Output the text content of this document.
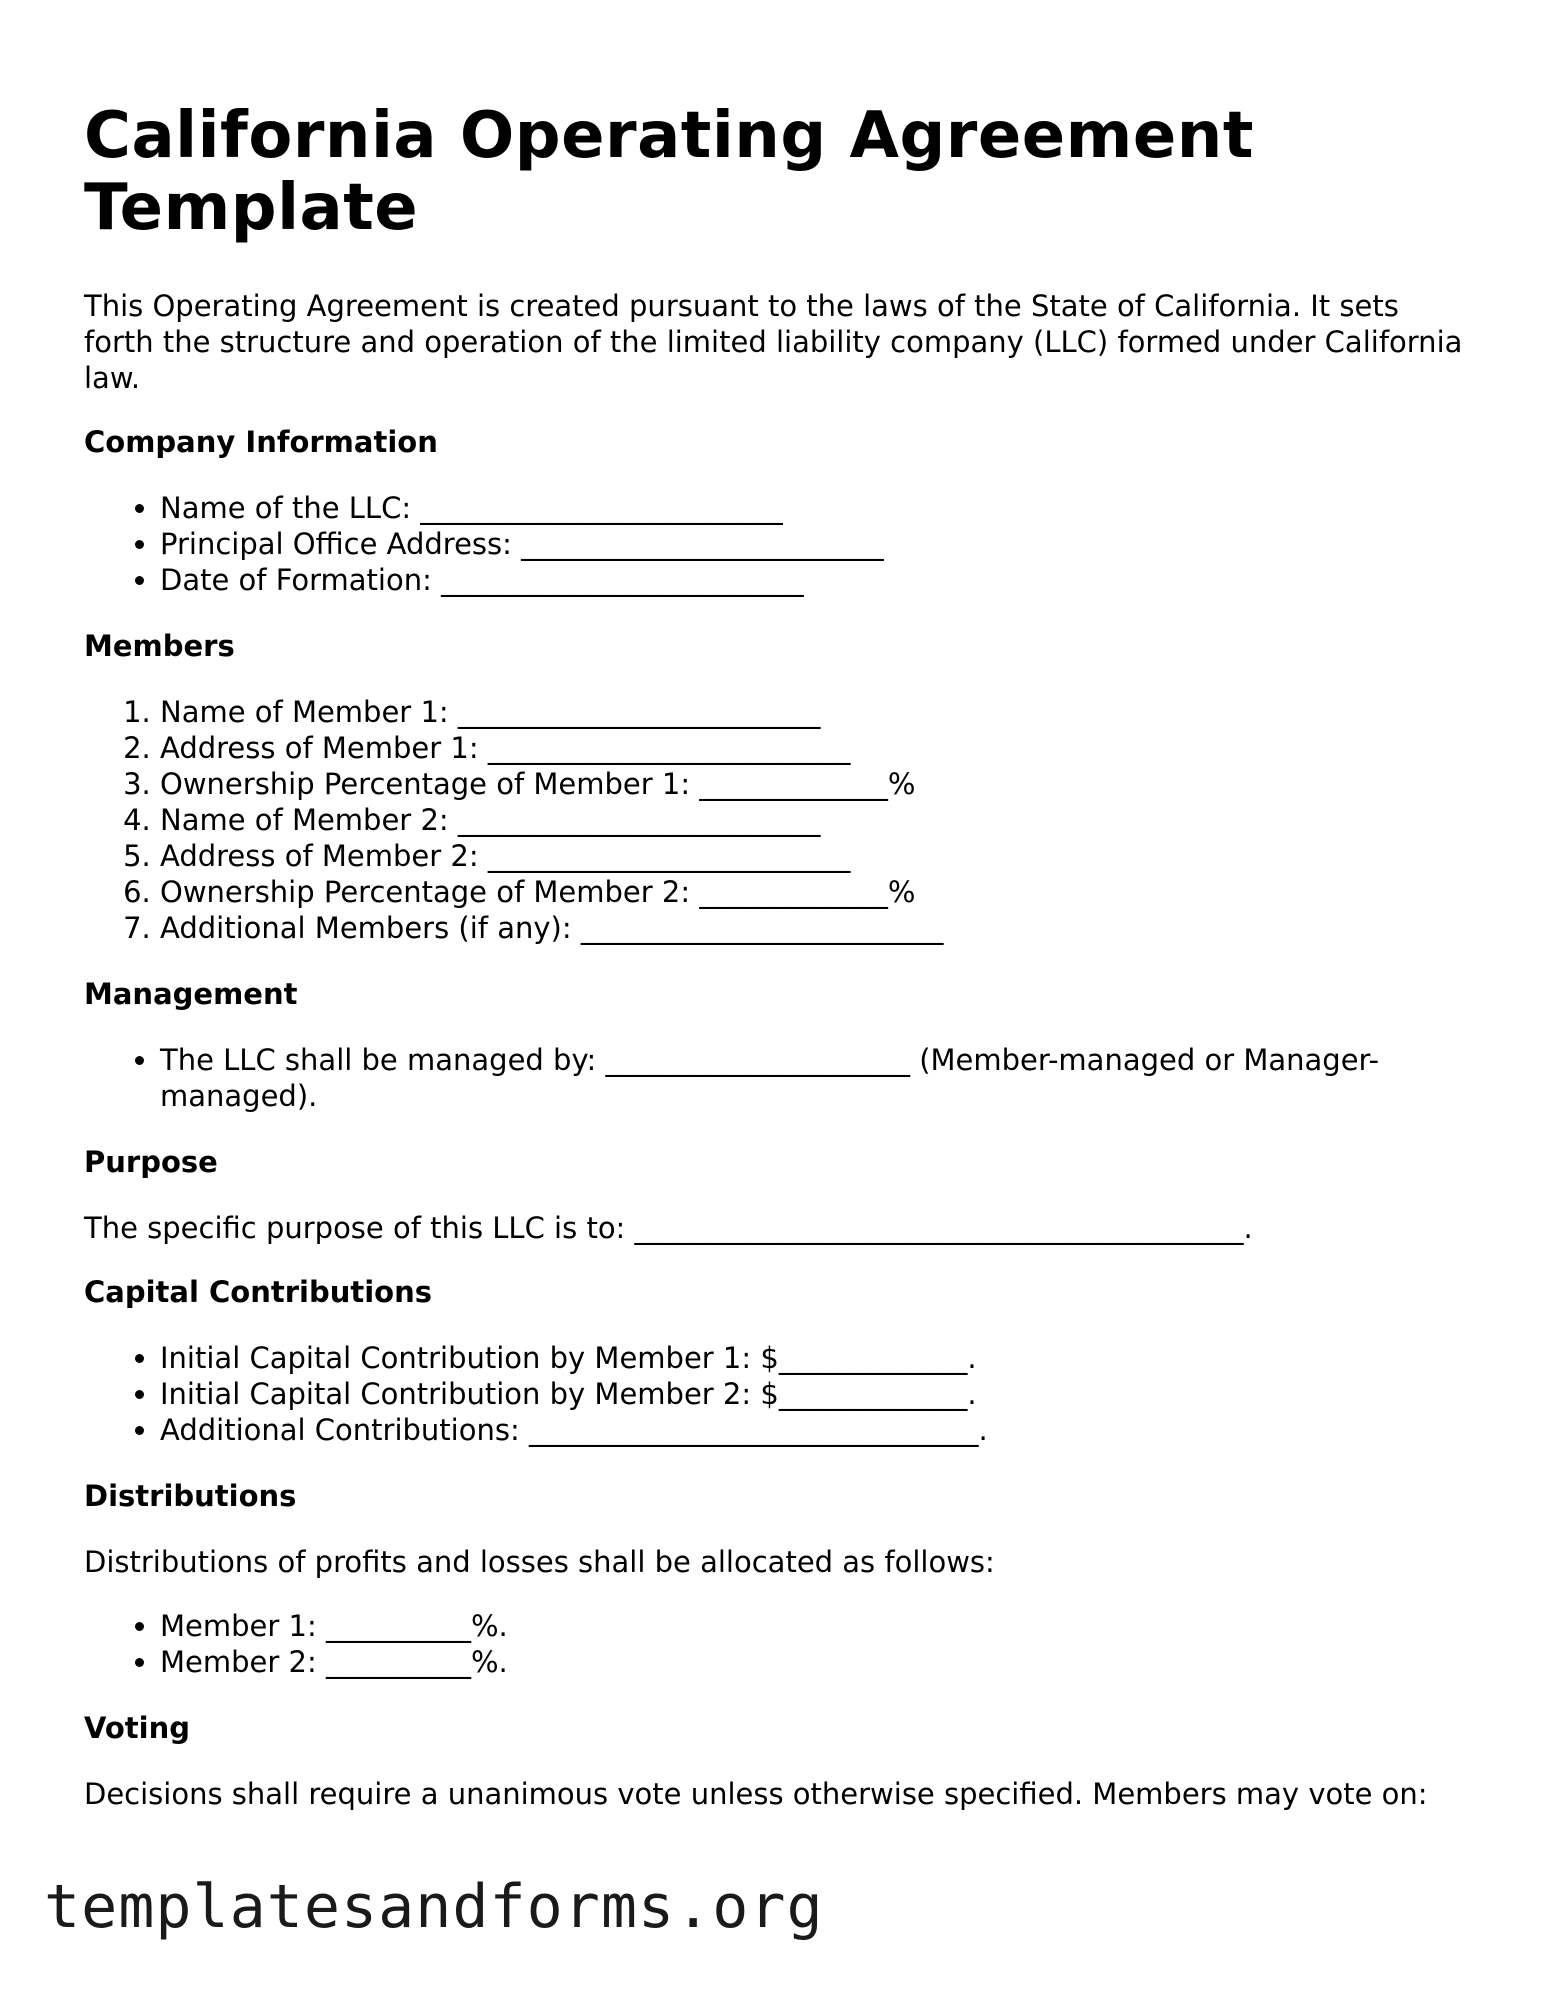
California Operating Agreement Template

This Operating Agreement is created pursuant to the laws of the State of California. It sets forth the structure and operation of the limited liability company (LLC) formed under California law.

Company Information
• Name of the LLC: _________________________
• Principal Office Address: _________________________
• Date of Formation: _________________________
Members
1. Name of Member 1: _________________________
2. Address of Member 1: _________________________
3. Ownership Percentage of Member 1: _____________%
4. Name of Member 2: _________________________
5. Address of Member 2: _________________________
6. Ownership Percentage of Member 2: _____________%
7. Additional Members (if any): _________________________
Management
• The LLC shall be managed by: _____________________ (Member-managed or Manager-managed).
Purpose

The specific purpose of this LLC is to: __________________________________________.

Capital Contributions
• Initial Capital Contribution by Member 1: $_____________.
• Initial Capital Contribution by Member 2: $_____________.
• Additional Contributions: _______________________________.
Distributions

Distributions of profits and losses shall be allocated as follows:

• Member 1: __________%.
• Member 2: __________%.
Voting

Decisions shall require a unanimous vote unless otherwise specified. Members may vote on:

templatesandforms.org
